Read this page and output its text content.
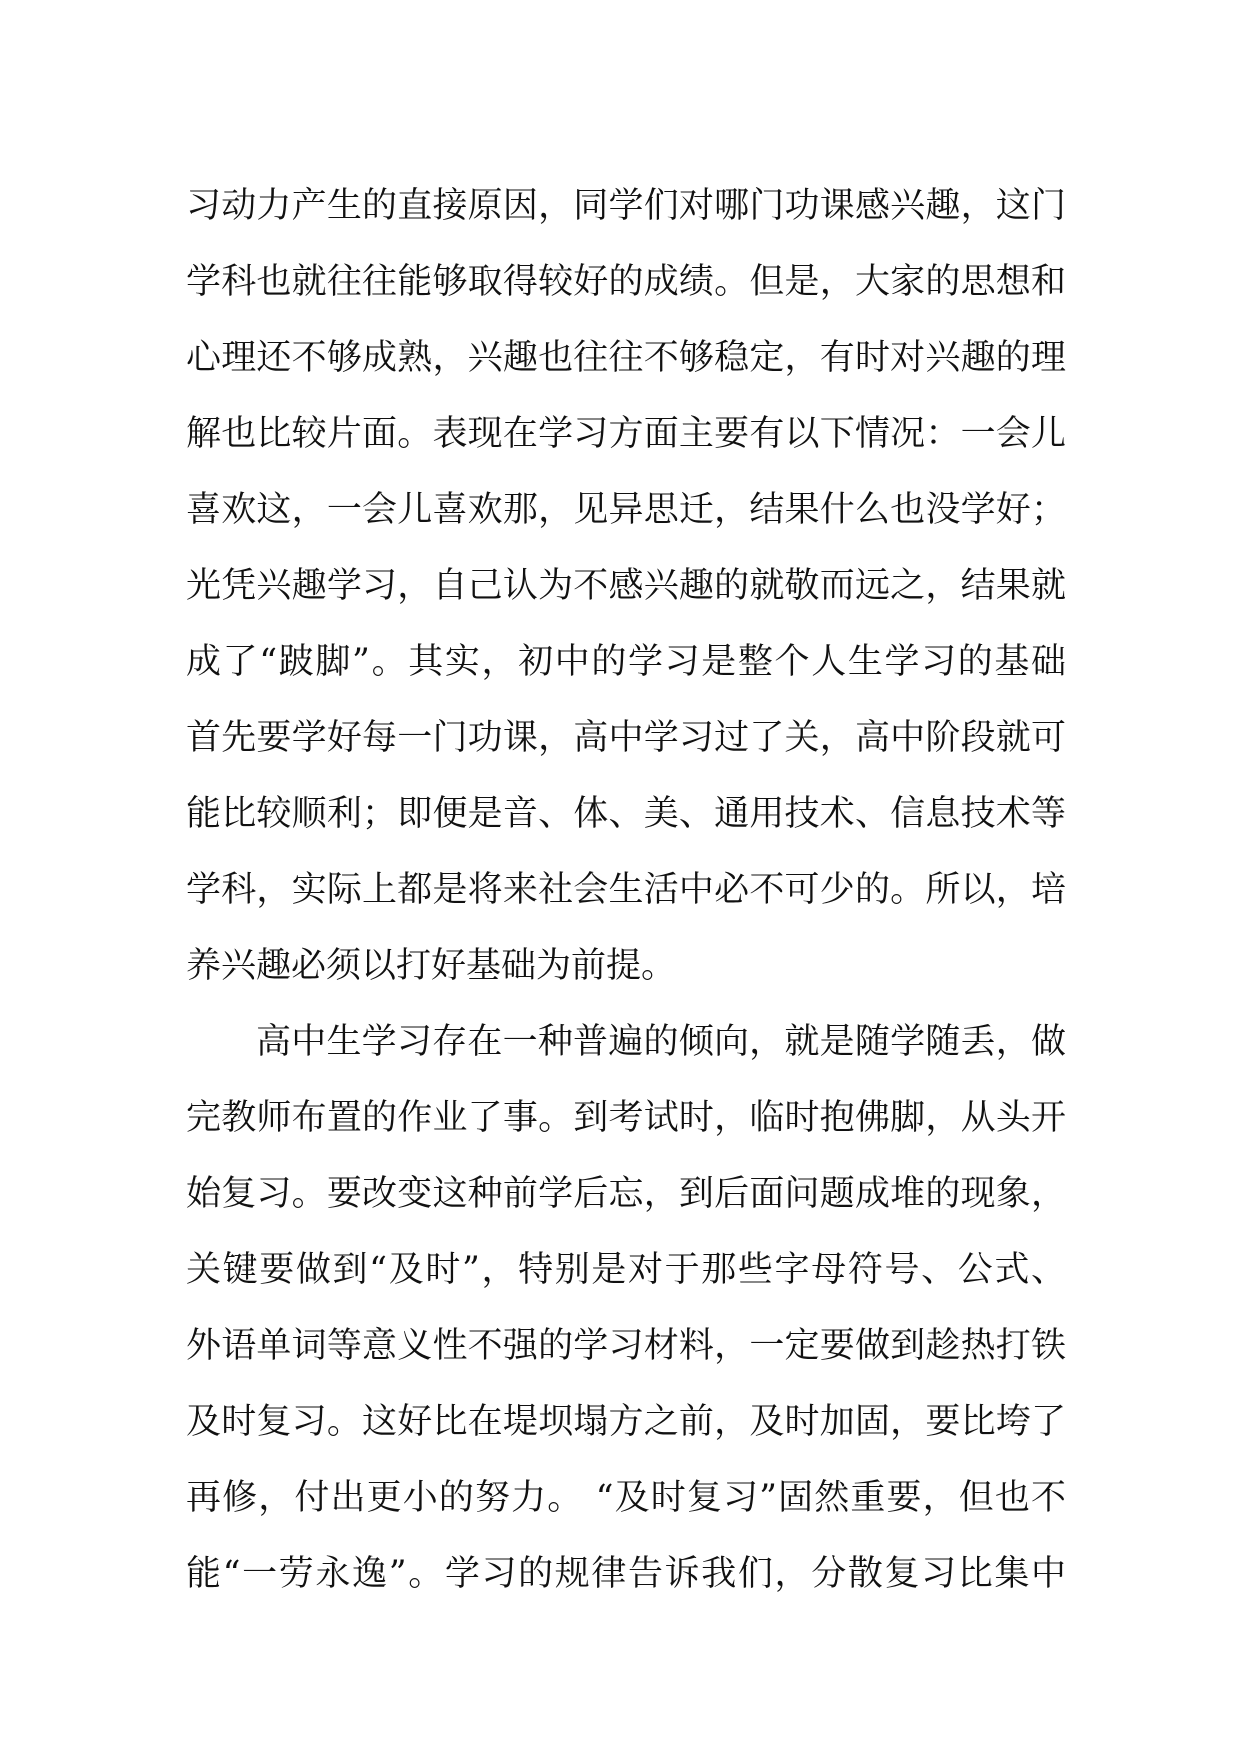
习动力产生的直接原因，同学们对哪门功课感兴趣，这门
学科也就往往能够取得较好的成绩。但是，大家的思想和
心理还不够成熟，兴趣也往往不够稳定，有时对兴趣的理
解也比较片面。表现在学习方面主要有以下情况：一会儿
喜欢这，一会儿喜欢那，见异思迁，结果什么也没学好；
光凭兴趣学习，自己认为不感兴趣的就敬而远之，结果就
成了“跛脚”。其实，初中的学习是整个人生学习的基础
首先要学好每一门功课，高中学习过了关，高中阶段就可
能比较顺利；即便是音、体、美、通用技术、信息技术等
学科，实际上都是将来社会生活中必不可少的。所以，培
养兴趣必须以打好基础为前提。
高中生学习存在一种普遍的倾向，就是随学随丢，做
完教师布置的作业了事。到考试时，临时抱佛脚，从头开
始复习。要改变这种前学后忘，到后面问题成堆的现象，
关键要做到“及时”，特别是对于那些字母符号、公式、
外语单词等意义性不强的学习材料，一定要做到趁热打铁
及时复习。这好比在堤坝塌方之前，及时加固，要比垮了
再修，付出更小的努力。 “及时复习”固然重要，但也不
能“一劳永逸”。学习的规律告诉我们，分散复习比集中
